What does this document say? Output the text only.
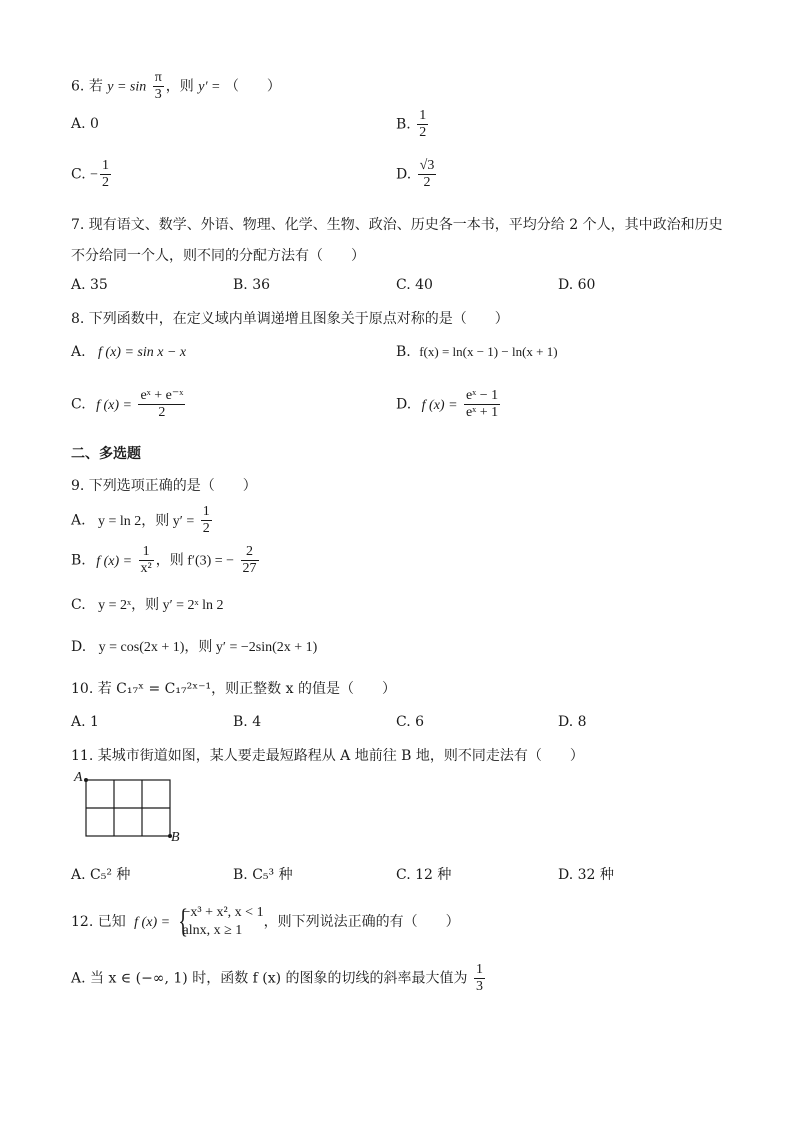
6. 若 $y = \sin \frac{\pi}{3}$ ，则 y′ = （　　）
A. 0	B. $\frac{1}{2}$
C. − $\frac{1}{2}$	D. $\frac{√3}{2}$
7. 现有语文、数学、外语、物理、化学、生物、政治、历史各一本书，平均分给 2 个人，其中政治和历史
不分给同一个人，则不同的分配方法有（　　）
A. 35	B. 36	C. 40	D. 60
8. 下列函数中，在定义域内单调递增且图象关于原点对称的是（　　）
A. f (x) = sin x − x	B. f(x) = ln(x − 1) − ln(x + 1)
C. f $(x) = \frac{\text{eˣ + e⁻ˣ}}{2}$	D. f $(x) = \frac{\text{eˣ − 1}}{\text{eˣ + 1}}$
二、多选题
9. 下列选项正确的是（　　）
A. y = ln 2，则 $y' = \frac{1}{2}$
B. f $(x) = \frac{1}{\text{x²}}$ ，则 f′(3) = − $\frac{2}{27}$
C. y = 2ˣ，则 y′ = 2ˣ ln 2
D. y = cos(2x + 1)，则 y′ = −2sin(2x + 1)
10. 若 C₁₇ˣ = C₁₇²ˣ⁻¹，则正整数 x 的值是（　　）
A. 1	B. 4	C. 6	D. 8
11. 某城市街道如图，某人要走最短路程从 A 地前往 B 地，则不同走法有（　　）
A
B
A. C₅² 种	B. C₅³ 种	C. 12 种	D. 32 种
12. 已知 f (x) = {
−x³ + x², x < 1
alnx, x ≥ 1
，则下列说法正确的有（　　）
A. 当 x ∈ (−∞, 1) 时，函数 f (x) 的图象的切线的斜率最大值为 $\frac{1}{3}$
